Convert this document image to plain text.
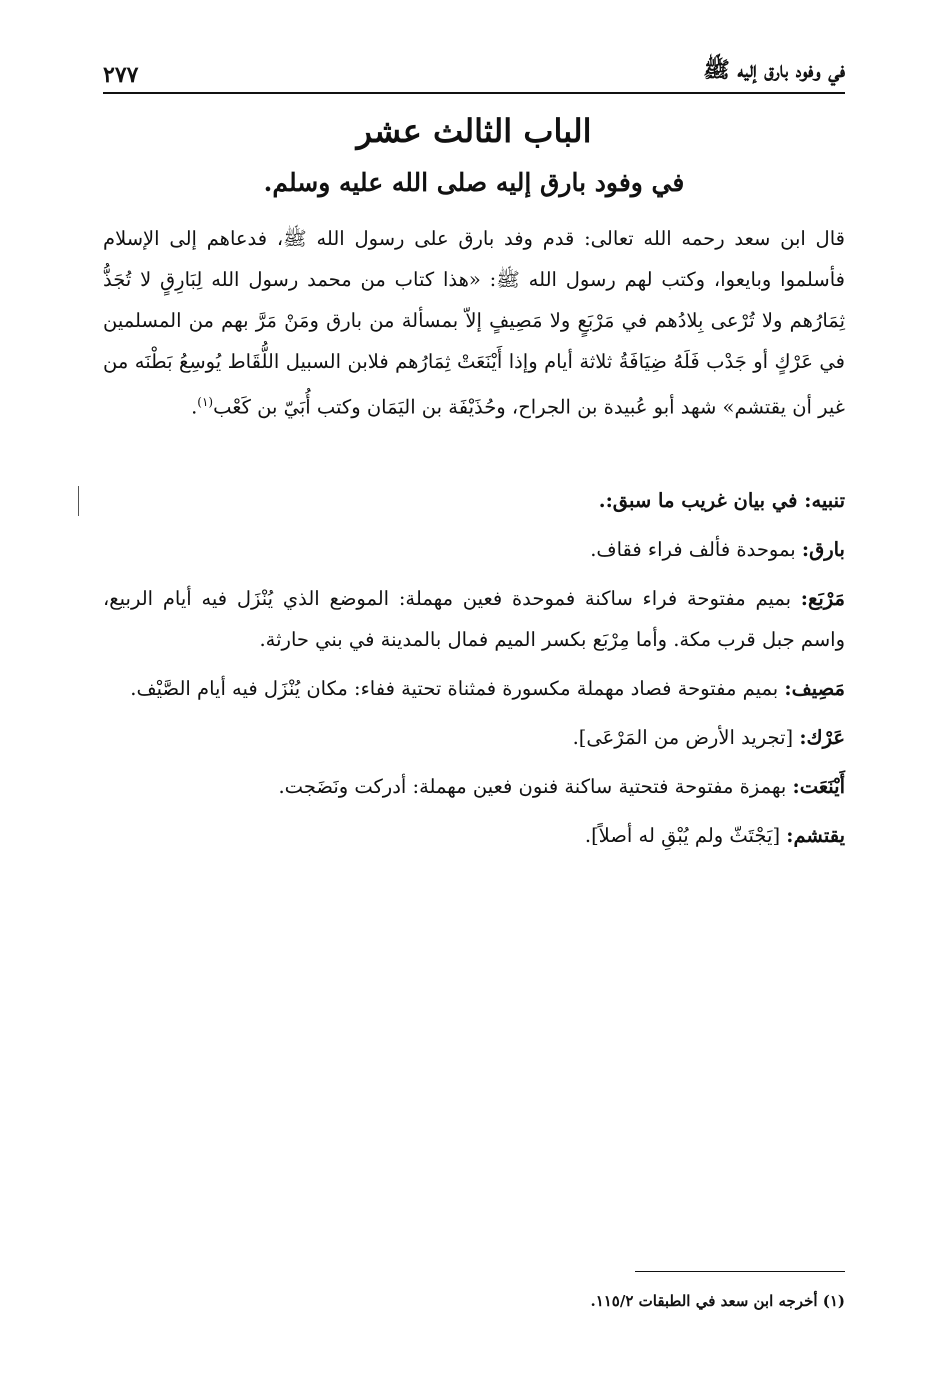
في وفود بارق إليه ﷺ
٢٧٧
الباب الثالث عشر
في وفود بارق إليه صلى الله عليه وسلم.

قال ابن سعد رحمه الله تعالى: قدم وفد بارق على رسول الله ﷺ، فدعاهم إلى الإسلام فأسلموا وبايعوا، وكتب لهم رسول الله ﷺ: «هذا كتاب من محمد رسول الله لِبَارِقٍ لا تُجَذُّ ثِمَارُهم ولا تُرْعى بِلادُهم في مَرْبَعٍ ولا مَصِيفٍ إلاّ بمسألة من بارق ومَنْ مَرَّ بهم من المسلمين في عَرْكٍ أو جَدْب فَلَهُ ضِيَافَةُ ثلاثة أيام وإذا أَيْنَعَتْ ثِمَارُهم فلابن السبيل اللُّقَاط يُوسِعُ بَطْنَه من غير أن يقتشم» شهد أبو عُبيدة بن الجراح، وحُذَيْفَة بن اليَمَان وكتب أُبَيّ بن كَعْب$^{(١)}$.

تنبيه: في بيان غريب ما سبق:.

بارق: بموحدة فألف فراء فقاف.

مَرْبَع: بميم مفتوحة فراء ساكنة فموحدة فعين مهملة: الموضع الذي يُنْزَل فيه أيام الربيع، واسم جبل قرب مكة. وأما مِرْبَع بكسر الميم فمال بالمدينة في بني حارثة.

مَصِيف: بميم مفتوحة فصاد مهملة مكسورة فمثناة تحتية ففاء: مكان يُنْزَل فيه أيام الصَّيْف.

عَرْك: [تجريد الأرض من المَرْعَى].

أَيْنَعَت: بهمزة مفتوحة فتحتية ساكنة فنون فعين مهملة: أدركت ونَضَجت.

يقتشم: [يَجْتَثّ ولم يُبْقِ له أصلاً].

(١) أخرجه ابن سعد في الطبقات ١١٥/٢.
